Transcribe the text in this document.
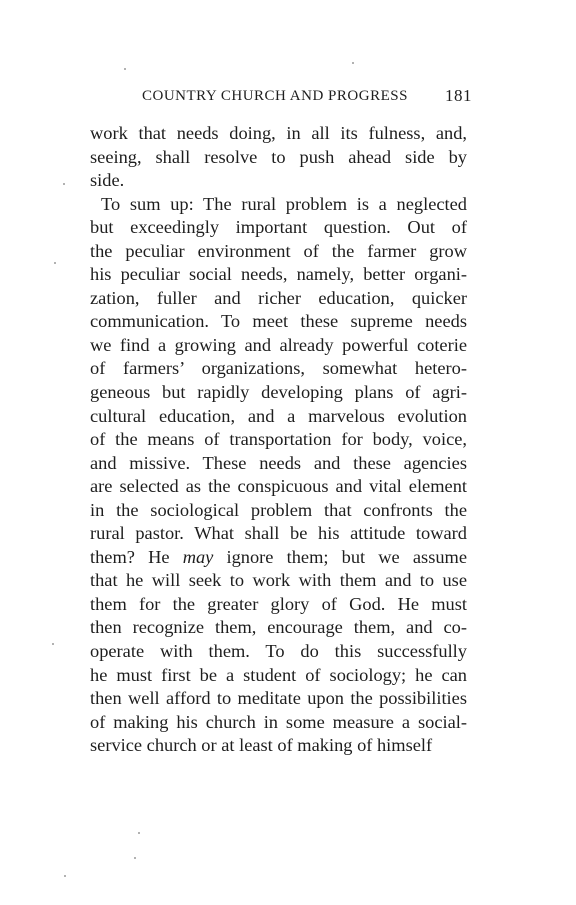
COUNTRY CHURCH AND PROGRESS 181
work that needs doing, in all its fulness, and,
seeing, shall resolve to push ahead side by
side.
To sum up: The rural problem is a neglected
but exceedingly important question. Out of
the peculiar environment of the farmer grow
his peculiar social needs, namely, better organi-
zation, fuller and richer education, quicker
communication. To meet these supreme needs
we find a growing and already powerful coterie
of farmers’ organizations, somewhat hetero-
geneous but rapidly developing plans of agri-
cultural education, and a marvelous evolution
of the means of transportation for body, voice,
and missive. These needs and these agencies
are selected as the conspicuous and vital element
in the sociological problem that confronts the
rural pastor. What shall be his attitude toward
them? He may ignore them; but we assume
that he will seek to work with them and to use
them for the greater glory of God. He must
then recognize them, encourage them, and co-
operate with them. To do this successfully
he must first be a student of sociology; he can
then well afford to meditate upon the possibilities
of making his church in some measure a social-
service church or at least of making of himself
